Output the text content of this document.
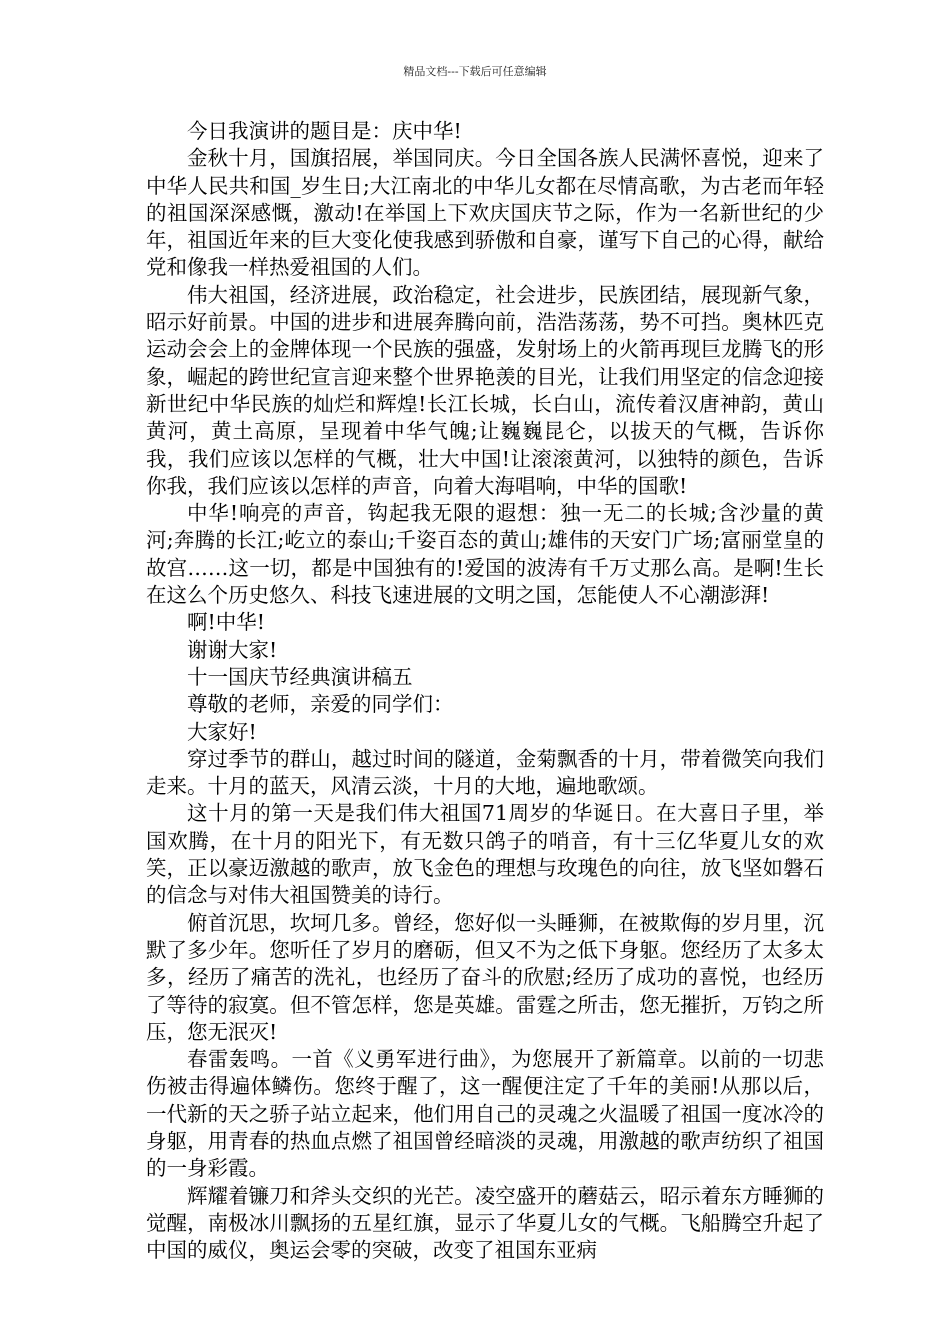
精品文档---下载后可任意编辑

今日我演讲的题目是：庆中华!

金秋十月，国旗招展，举国同庆。今日全国各族人民满怀喜悦，迎来了中华人民共和国_岁生日;大江南北的中华儿女都在尽情高歌，为古老而年轻的祖国深深感慨，激动!在举国上下欢庆国庆节之际，作为一名新世纪的少年，祖国近年来的巨大变化使我感到骄傲和自豪，谨写下自己的心得，献给党和像我一样热爱祖国的人们。

伟大祖国，经济进展，政治稳定，社会进步，民族团结，展现新气象，昭示好前景。中国的进步和进展奔腾向前，浩浩荡荡，势不可挡。奥林匹克运动会会上的金牌体现一个民族的强盛，发射场上的火箭再现巨龙腾飞的形象，崛起的跨世纪宣言迎来整个世界艳羡的目光，让我们用坚定的信念迎接新世纪中华民族的灿烂和辉煌!长江长城，长白山，流传着汉唐神韵，黄山黄河，黄土高原，呈现着中华气魄;让巍巍昆仑，以拔天的气概，告诉你我，我们应该以怎样的气概，壮大中国!让滚滚黄河，以独特的颜色，告诉你我，我们应该以怎样的声音，向着大海唱响，中华的国歌!

中华!响亮的声音，钩起我无限的遐想：独一无二的长城;含沙量的黄河;奔腾的长江;屹立的泰山;千姿百态的黄山;雄伟的天安门广场;富丽堂皇的故宫……这一切，都是中国独有的!爱国的波涛有千万丈那么高。是啊!生长在这么个历史悠久、科技飞速进展的文明之国，怎能使人不心潮澎湃!

啊!中华!

谢谢大家!

十一国庆节经典演讲稿五

尊敬的老师，亲爱的同学们：

大家好!

穿过季节的群山，越过时间的隧道，金菊飘香的十月，带着微笑向我们走来。十月的蓝天，风清云淡，十月的大地，遍地歌颂。

这十月的第一天是我们伟大祖国71周岁的华诞日。在大喜日子里，举国欢腾，在十月的阳光下，有无数只鸽子的哨音，有十三亿华夏儿女的欢笑，正以豪迈激越的歌声，放飞金色的理想与玫瑰色的向往，放飞坚如磐石的信念与对伟大祖国赞美的诗行。

俯首沉思，坎坷几多。曾经，您好似一头睡狮，在被欺侮的岁月里，沉默了多少年。您听任了岁月的磨砺，但又不为之低下身躯。您经历了太多太多，经历了痛苦的洗礼，也经历了奋斗的欣慰;经历了成功的喜悦，也经历了等待的寂寞。但不管怎样，您是英雄。雷霆之所击，您无摧折，万钧之所压，您无泯灭!

春雷轰鸣。一首《义勇军进行曲》，为您展开了新篇章。以前的一切悲伤被击得遍体鳞伤。您终于醒了，这一醒便注定了千年的美丽!从那以后，一代新的天之骄子站立起来，他们用自己的灵魂之火温暖了祖国一度冰冷的身躯，用青春的热血点燃了祖国曾经暗淡的灵魂，用激越的歌声纺织了祖国的一身彩霞。

辉耀着镰刀和斧头交织的光芒。凌空盛开的蘑菇云，昭示着东方睡狮的觉醒，南极冰川飘扬的五星红旗，显示了华夏儿女的气概。飞船腾空升起了中国的威仪，奥运会零的突破，改变了祖国东亚病
